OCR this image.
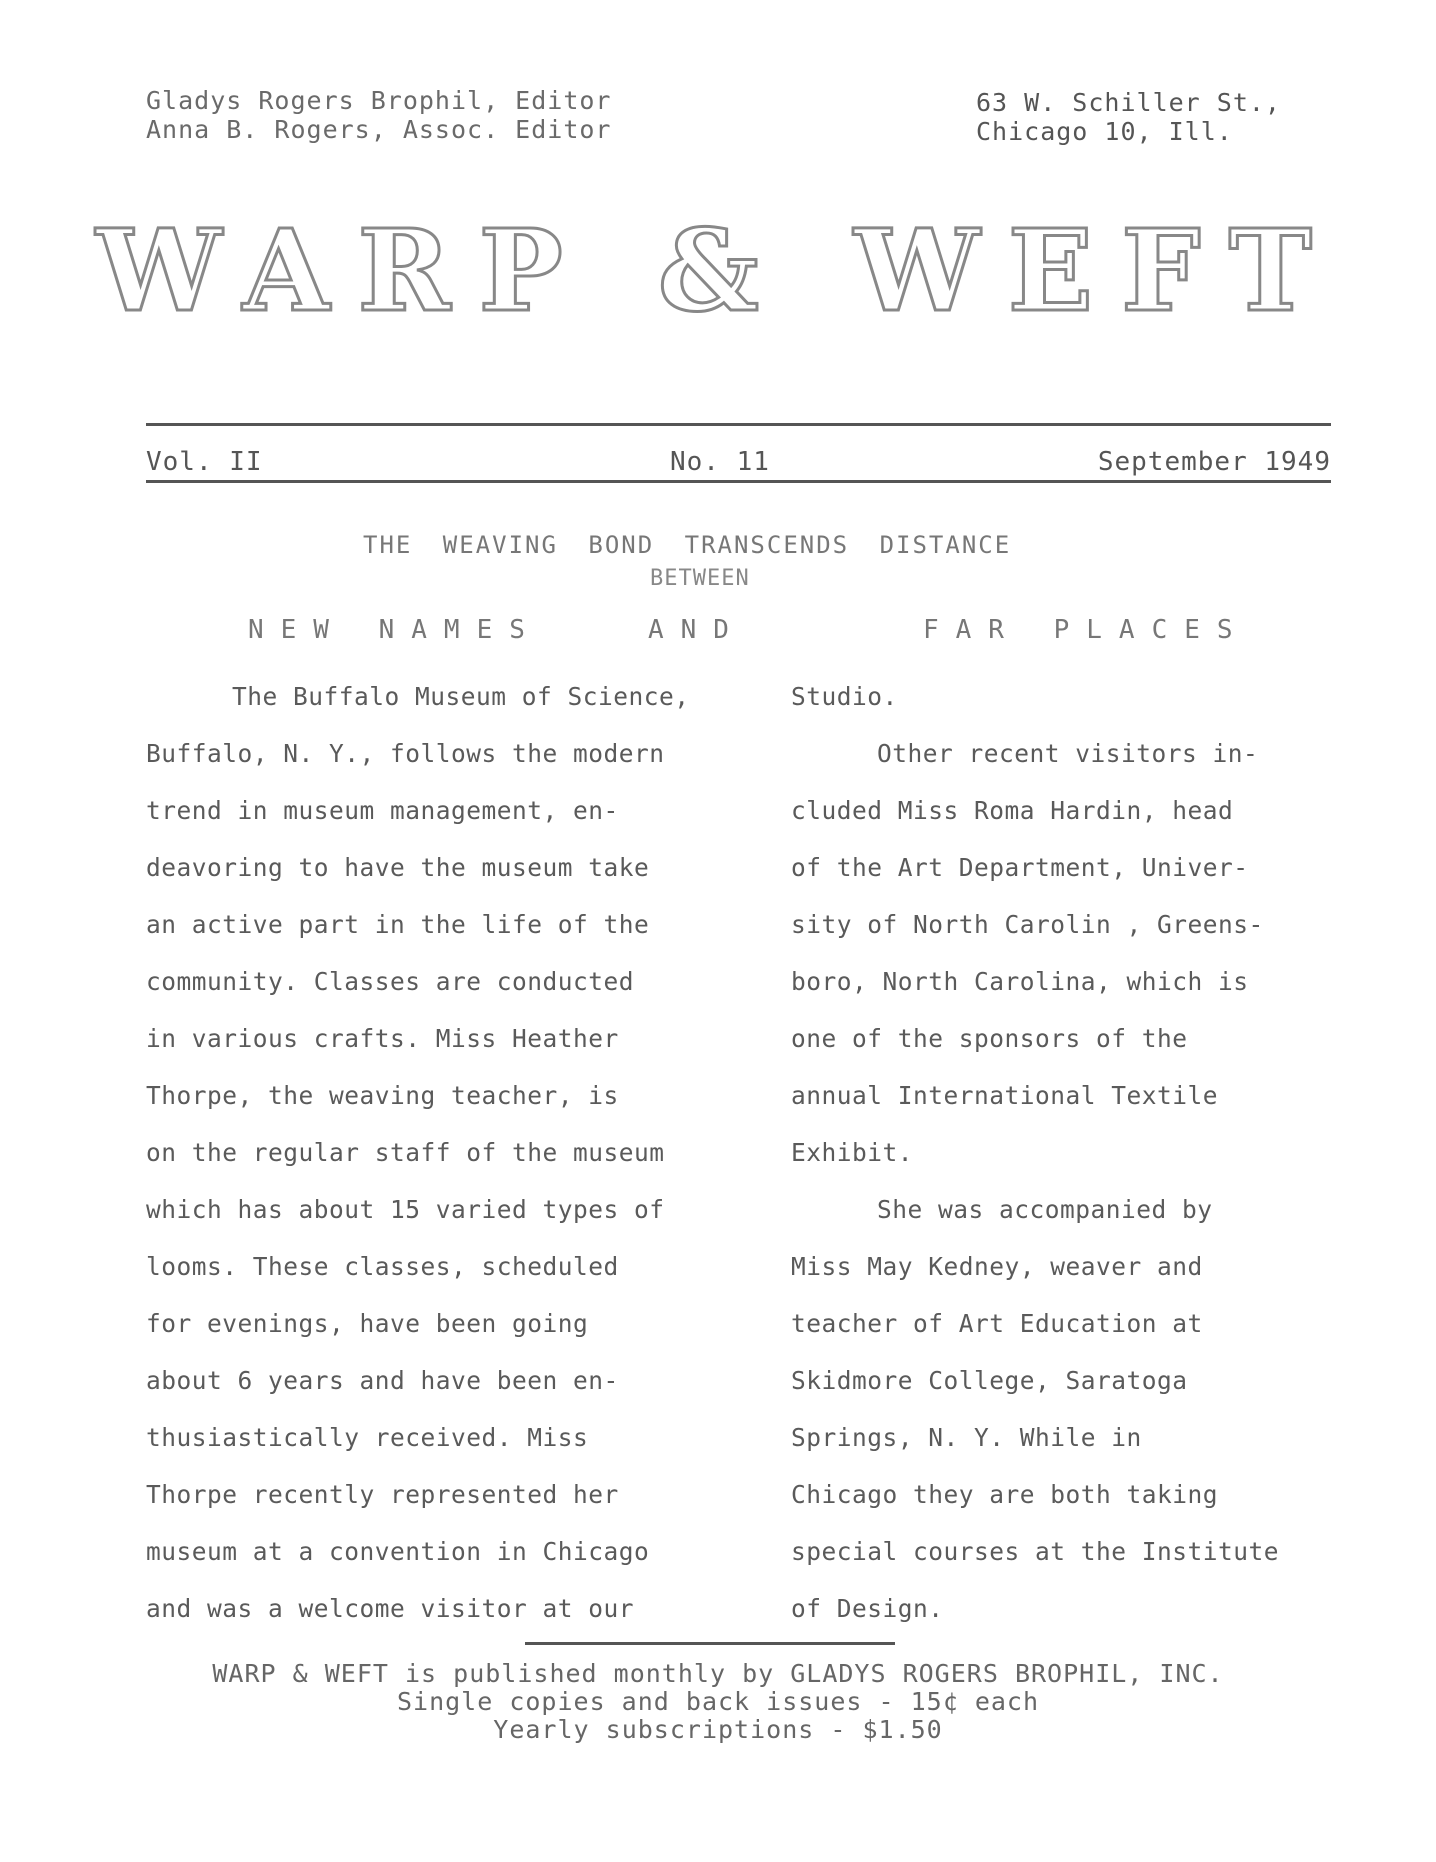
Gladys Rogers Brophil, Editor
Anna B. Rogers, Assoc. Editor
63 W. Schiller St.,
Chicago 10, Ill.
WARP & WEFT
Vol. II	No. 11	September 1949
THE WEAVING BOND TRANSCENDS DISTANCE
BETWEEN
NEW NAMES	AND	FAR PLACES
The Buffalo Museum of Science,
Buffalo, N. Y., follows the modern
trend in museum management, en-
deavoring to have the museum take
an active part in the life of the
community. Classes are conducted
in various crafts. Miss Heather
Thorpe, the weaving teacher, is
on the regular staff of the museum
which has about 15 varied types of
looms. These classes, scheduled
for evenings, have been going
about 6 years and have been en-
thusiastically received. Miss
Thorpe recently represented her
museum at a convention in Chicago
and was a welcome visitor at our
Studio.
Other recent visitors in-
cluded Miss Roma Hardin, head
of the Art Department, Univer-
sity of North Carolin , Greens-
boro, North Carolina, which is
one of the sponsors of the
annual International Textile
Exhibit.
She was accompanied by
Miss May Kedney, weaver and
teacher of Art Education at
Skidmore College, Saratoga
Springs, N. Y. While in
Chicago they are both taking
special courses at the Institute
of Design.
WARP & WEFT is published monthly by GLADYS ROGERS BROPHIL, INC.
Single copies and back issues - 15¢ each
Yearly subscriptions - $1.50
